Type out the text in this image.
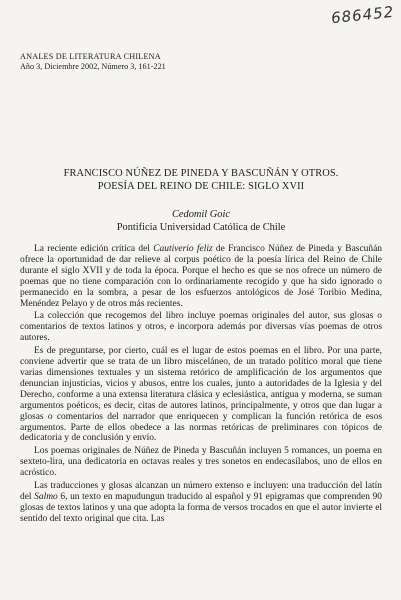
686452
ANALES DE LITERATURA CHILENA
Año 3, Diciembre 2002, Número 3, 161-221
FRANCISCO NÚÑEZ DE PINEDA Y BASCUÑÁN Y OTROS.
POESÍA DEL REINO DE CHILE: SIGLO XVII
Cedomil Goic
Pontificia Universidad Católica de Chile

La reciente edición crítica del Cautiverio feliz de Francisco Núñez de Pineda y Bascuñán ofrece la oportunidad de dar relieve al corpus poético de la poesía lírica del Reino de Chile durante el siglo XVII y de toda la época. Porque el hecho es que se nos ofrece un número de poemas que no tiene comparación con lo ordinariamente recogido y que ha sido ignorado o permanecido en la sombra, a pesar de los esfuerzos antológicos de José Toribio Medina, Menéndez Pelayo y de otros más recientes.

La colección que recogemos del libro incluye poemas originales del autor, sus glosas o comentarios de textos latinos y otros, e incorpora además por diversas vías poemas de otros autores.

Es de preguntarse, por cierto, cuál es el lugar de estos poemas en el libro. Por una parte, conviene advertir que se trata de un libro misceláneo, de un tratado político moral que tiene varias dimensiones textuales y un sistema retórico de amplificación de los argumentos que denuncian injusticias, vicios y abusos, entre los cuales, junto a autoridades de la Iglesia y del Derecho, conforme a una extensa literatura clásica y eclesiástica, antigua y moderna, se suman argumentos poéticos, es decir, citas de autores latinos, principalmente, y otros que dan lugar a glosas o comentarios del narrador que enriquecen y complican la función retórica de esos argumentos. Parte de ellos obedece a las normas retóricas de preliminares con tópicos de dedicatoria y de conclusión y envío.

Los poemas originales de Núñez de Pineda y Bascuñán incluyen 5 romances, un poema en sexteto-lira, una dedicatoria en octavas reales y tres sonetos en endecasílabos, uno de ellos en acróstico.

Las traducciones y glosas alcanzan un número extenso e incluyen: una traducción del latín del Salmo 6, un texto en mapudungun traducido al español y 91 epigramas que comprenden 90 glosas de textos latinos y una que adopta la forma de versos trocados en que el autor invierte el sentido del texto original que cita. Las
